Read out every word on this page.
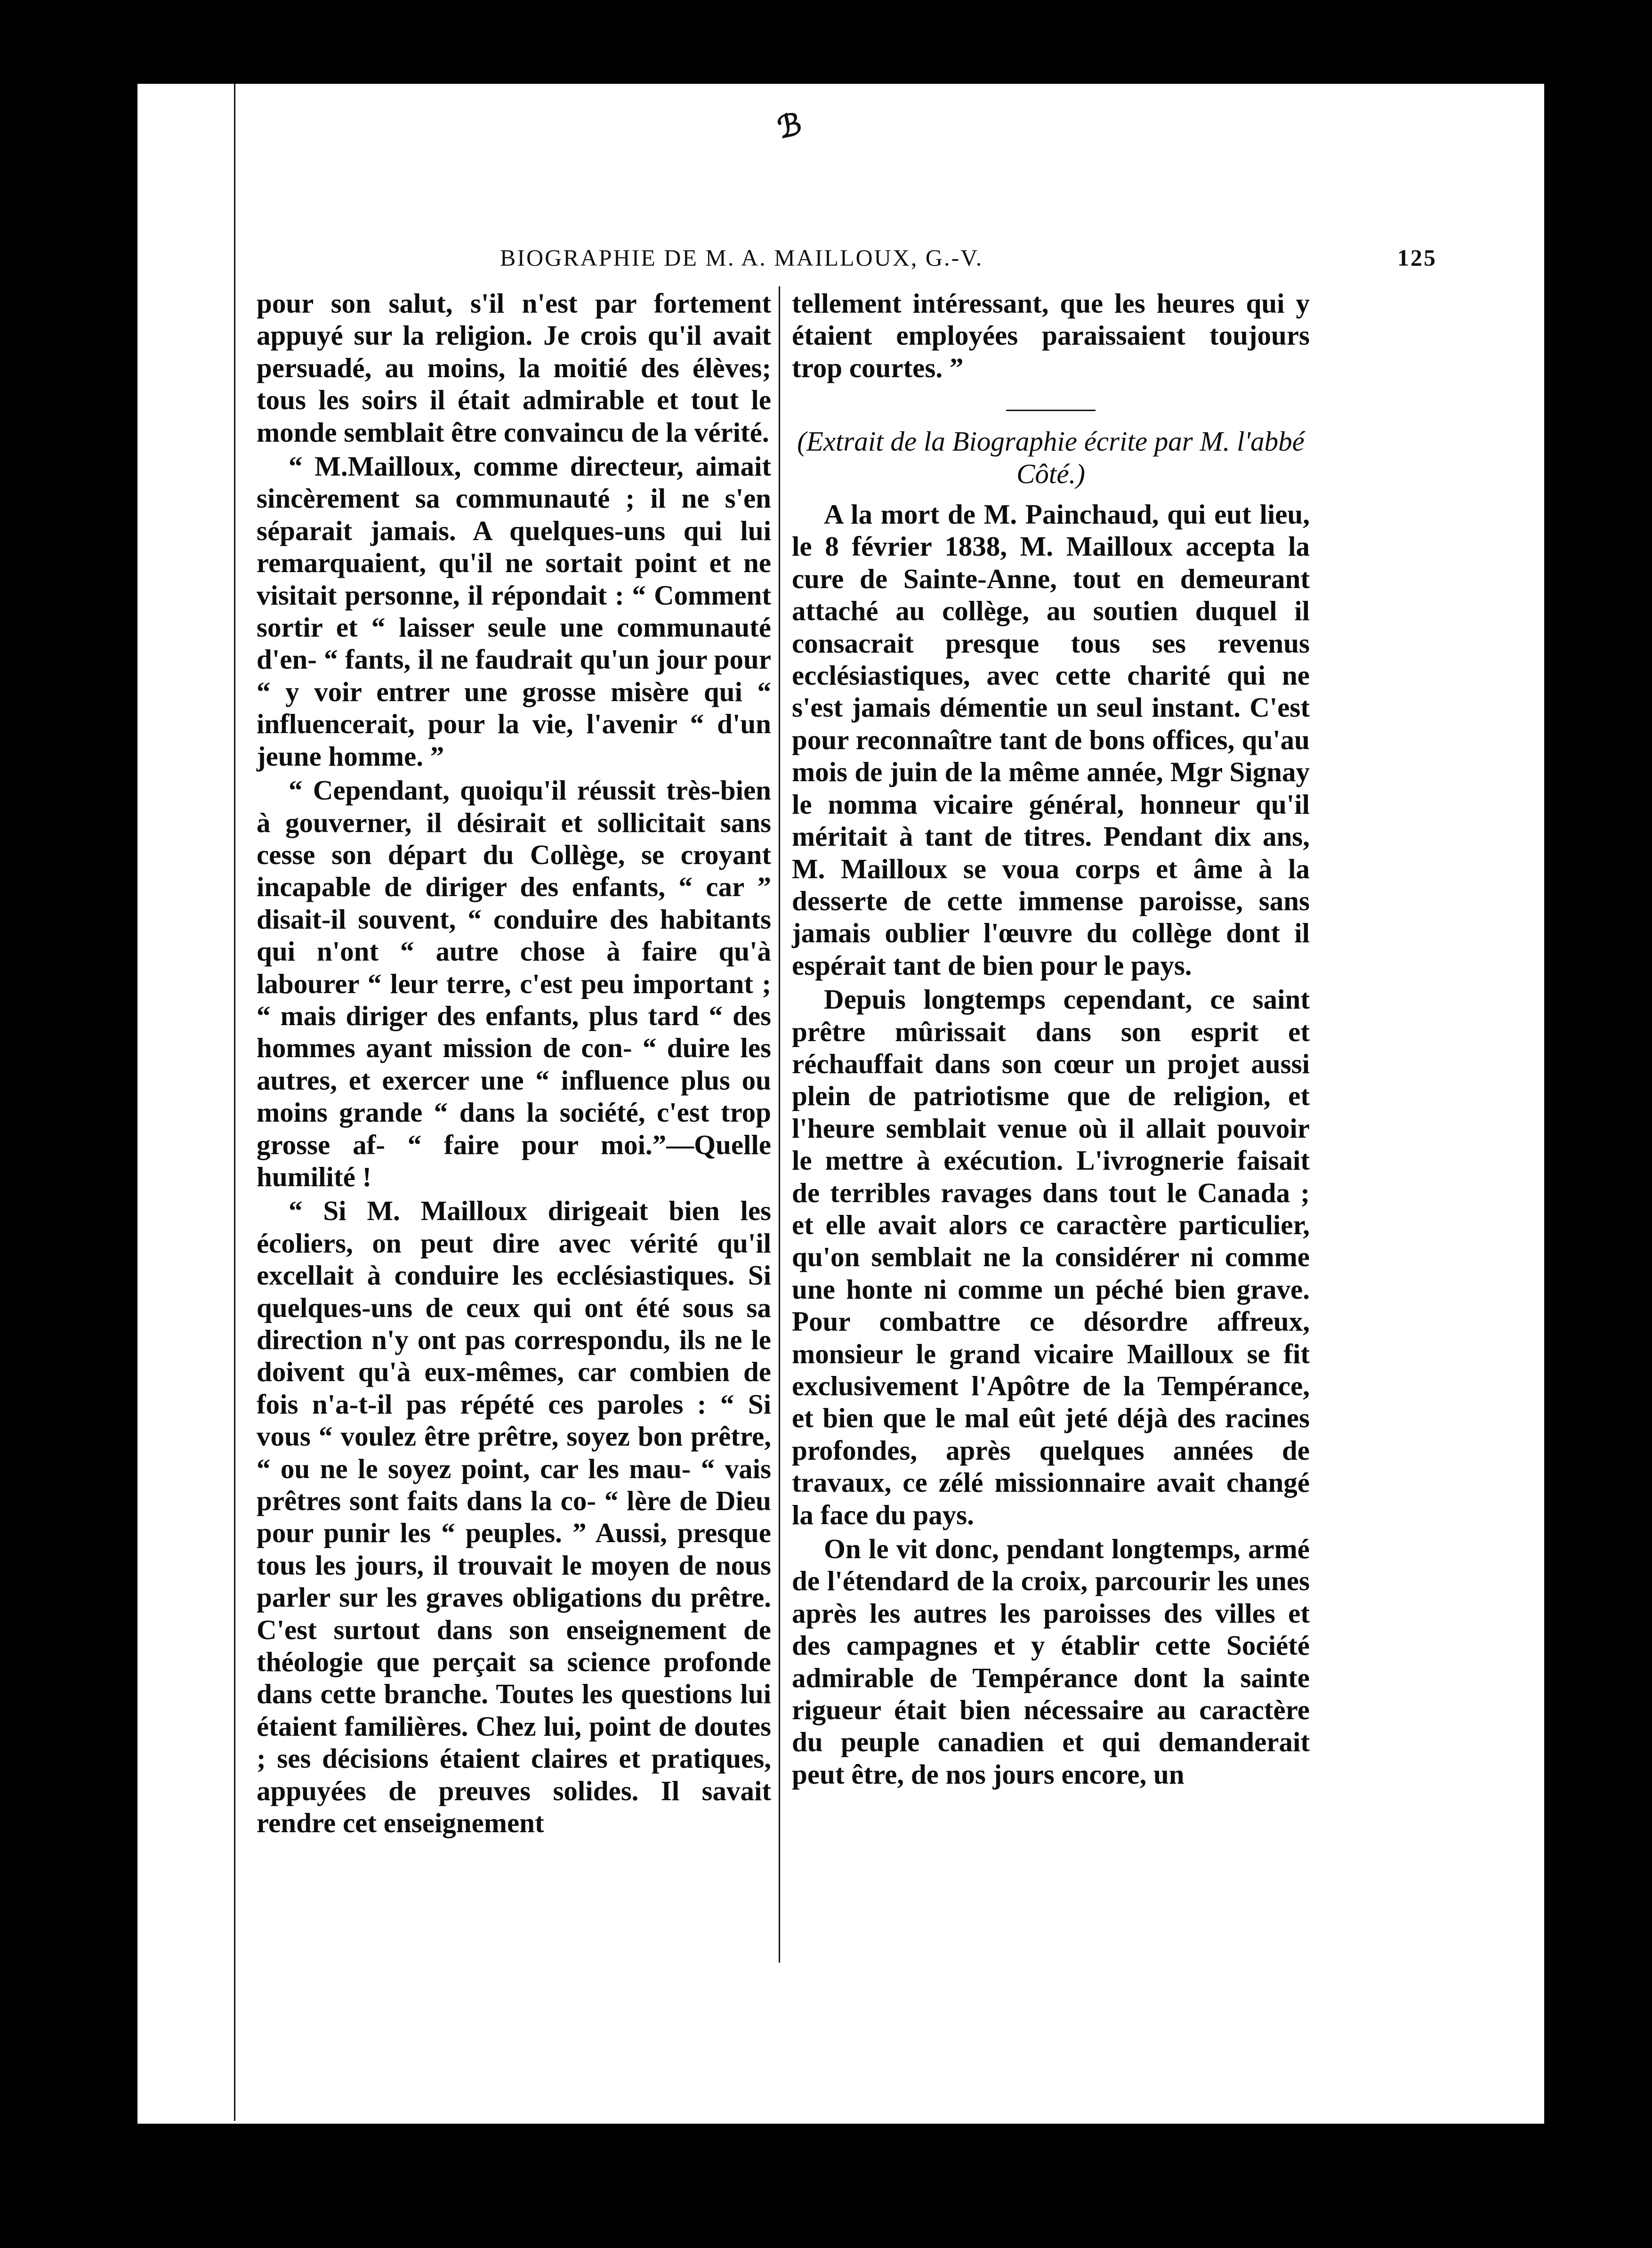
ℬ
BIOGRAPHIE DE M. A. MAILLOUX, G.-V.	125

pour son salut, s'il n'est par fortement appuyé sur la religion. Je crois qu'il avait persuadé, au moins, la moitié des élèves; tous les soirs il était admirable et tout le monde semblait être convaincu de la vérité.

“ M.Mailloux, comme directeur, aimait sincèrement sa communauté ; il ne s'en séparait jamais. A quelques-uns qui lui remarquaient, qu'il ne sortait point et ne visitait personne, il répondait : “ Comment sortir et “ laisser seule une communauté d'en- “ fants, il ne faudrait qu'un jour pour “ y voir entrer une grosse misère qui “ influencerait, pour la vie, l'avenir “ d'un jeune homme. ”

“ Cependant, quoiqu'il réussit très-bien à gouverner, il désirait et sollicitait sans cesse son départ du Collège, se croyant incapable de diriger des enfants, “ car ” disait-il souvent, “ conduire des habitants qui n'ont “ autre chose à faire qu'à labourer “ leur terre, c'est peu important ; “ mais diriger des enfants, plus tard “ des hommes ayant mission de con- “ duire les autres, et exercer une “ influence plus ou moins grande “ dans la société, c'est trop grosse af- “ faire pour moi.”—Quelle humilité !

“ Si M. Mailloux dirigeait bien les écoliers, on peut dire avec vérité qu'il excellait à conduire les ecclésiastiques. Si quelques-uns de ceux qui ont été sous sa direction n'y ont pas correspondu, ils ne le doivent qu'à eux-mêmes, car combien de fois n'a-t-il pas répété ces paroles : “ Si vous “ voulez être prêtre, soyez bon prêtre, “ ou ne le soyez point, car les mau- “ vais prêtres sont faits dans la co- “ lère de Dieu pour punir les “ peuples. ” Aussi, presque tous les jours, il trouvait le moyen de nous parler sur les graves obligations du prêtre. C'est surtout dans son enseignement de théologie que perçait sa science profonde dans cette branche. Toutes les questions lui étaient familières. Chez lui, point de doutes ; ses décisions étaient claires et pratiques, appuyées de preuves solides. Il savait rendre cet enseignement

tellement intéressant, que les heures qui y étaient employées paraissaient toujours trop courtes. ”

(Extrait de la Biographie écrite par M. l'abbé Côté.)

A la mort de M. Painchaud, qui eut lieu, le 8 février 1838, M. Mailloux accepta la cure de Sainte-Anne, tout en demeurant attaché au collège, au soutien duquel il consacrait presque tous ses revenus ecclésiastiques, avec cette charité qui ne s'est jamais démentie un seul instant. C'est pour reconnaître tant de bons offices, qu'au mois de juin de la même année, Mgr Signay le nomma vicaire général, honneur qu'il méritait à tant de titres. Pendant dix ans, M. Mailloux se voua corps et âme à la desserte de cette immense paroisse, sans jamais oublier l'œuvre du collège dont il espérait tant de bien pour le pays.

Depuis longtemps cependant, ce saint prêtre mûrissait dans son esprit et réchauffait dans son cœur un projet aussi plein de patriotisme que de religion, et l'heure semblait venue où il allait pouvoir le mettre à exécution. L'ivrognerie faisait de terribles ravages dans tout le Canada ; et elle avait alors ce caractère particulier, qu'on semblait ne la considérer ni comme une honte ni comme un péché bien grave. Pour combattre ce désordre affreux, monsieur le grand vicaire Mailloux se fit exclusivement l'Apôtre de la Tempérance, et bien que le mal eût jeté déjà des racines profondes, après quelques années de travaux, ce zélé missionnaire avait changé la face du pays.

On le vit donc, pendant longtemps, armé de l'étendard de la croix, parcourir les unes après les autres les paroisses des villes et des campagnes et y établir cette Société admirable de Tempérance dont la sainte rigueur était bien nécessaire au caractère du peuple canadien et qui demanderait peut être, de nos jours encore, un
